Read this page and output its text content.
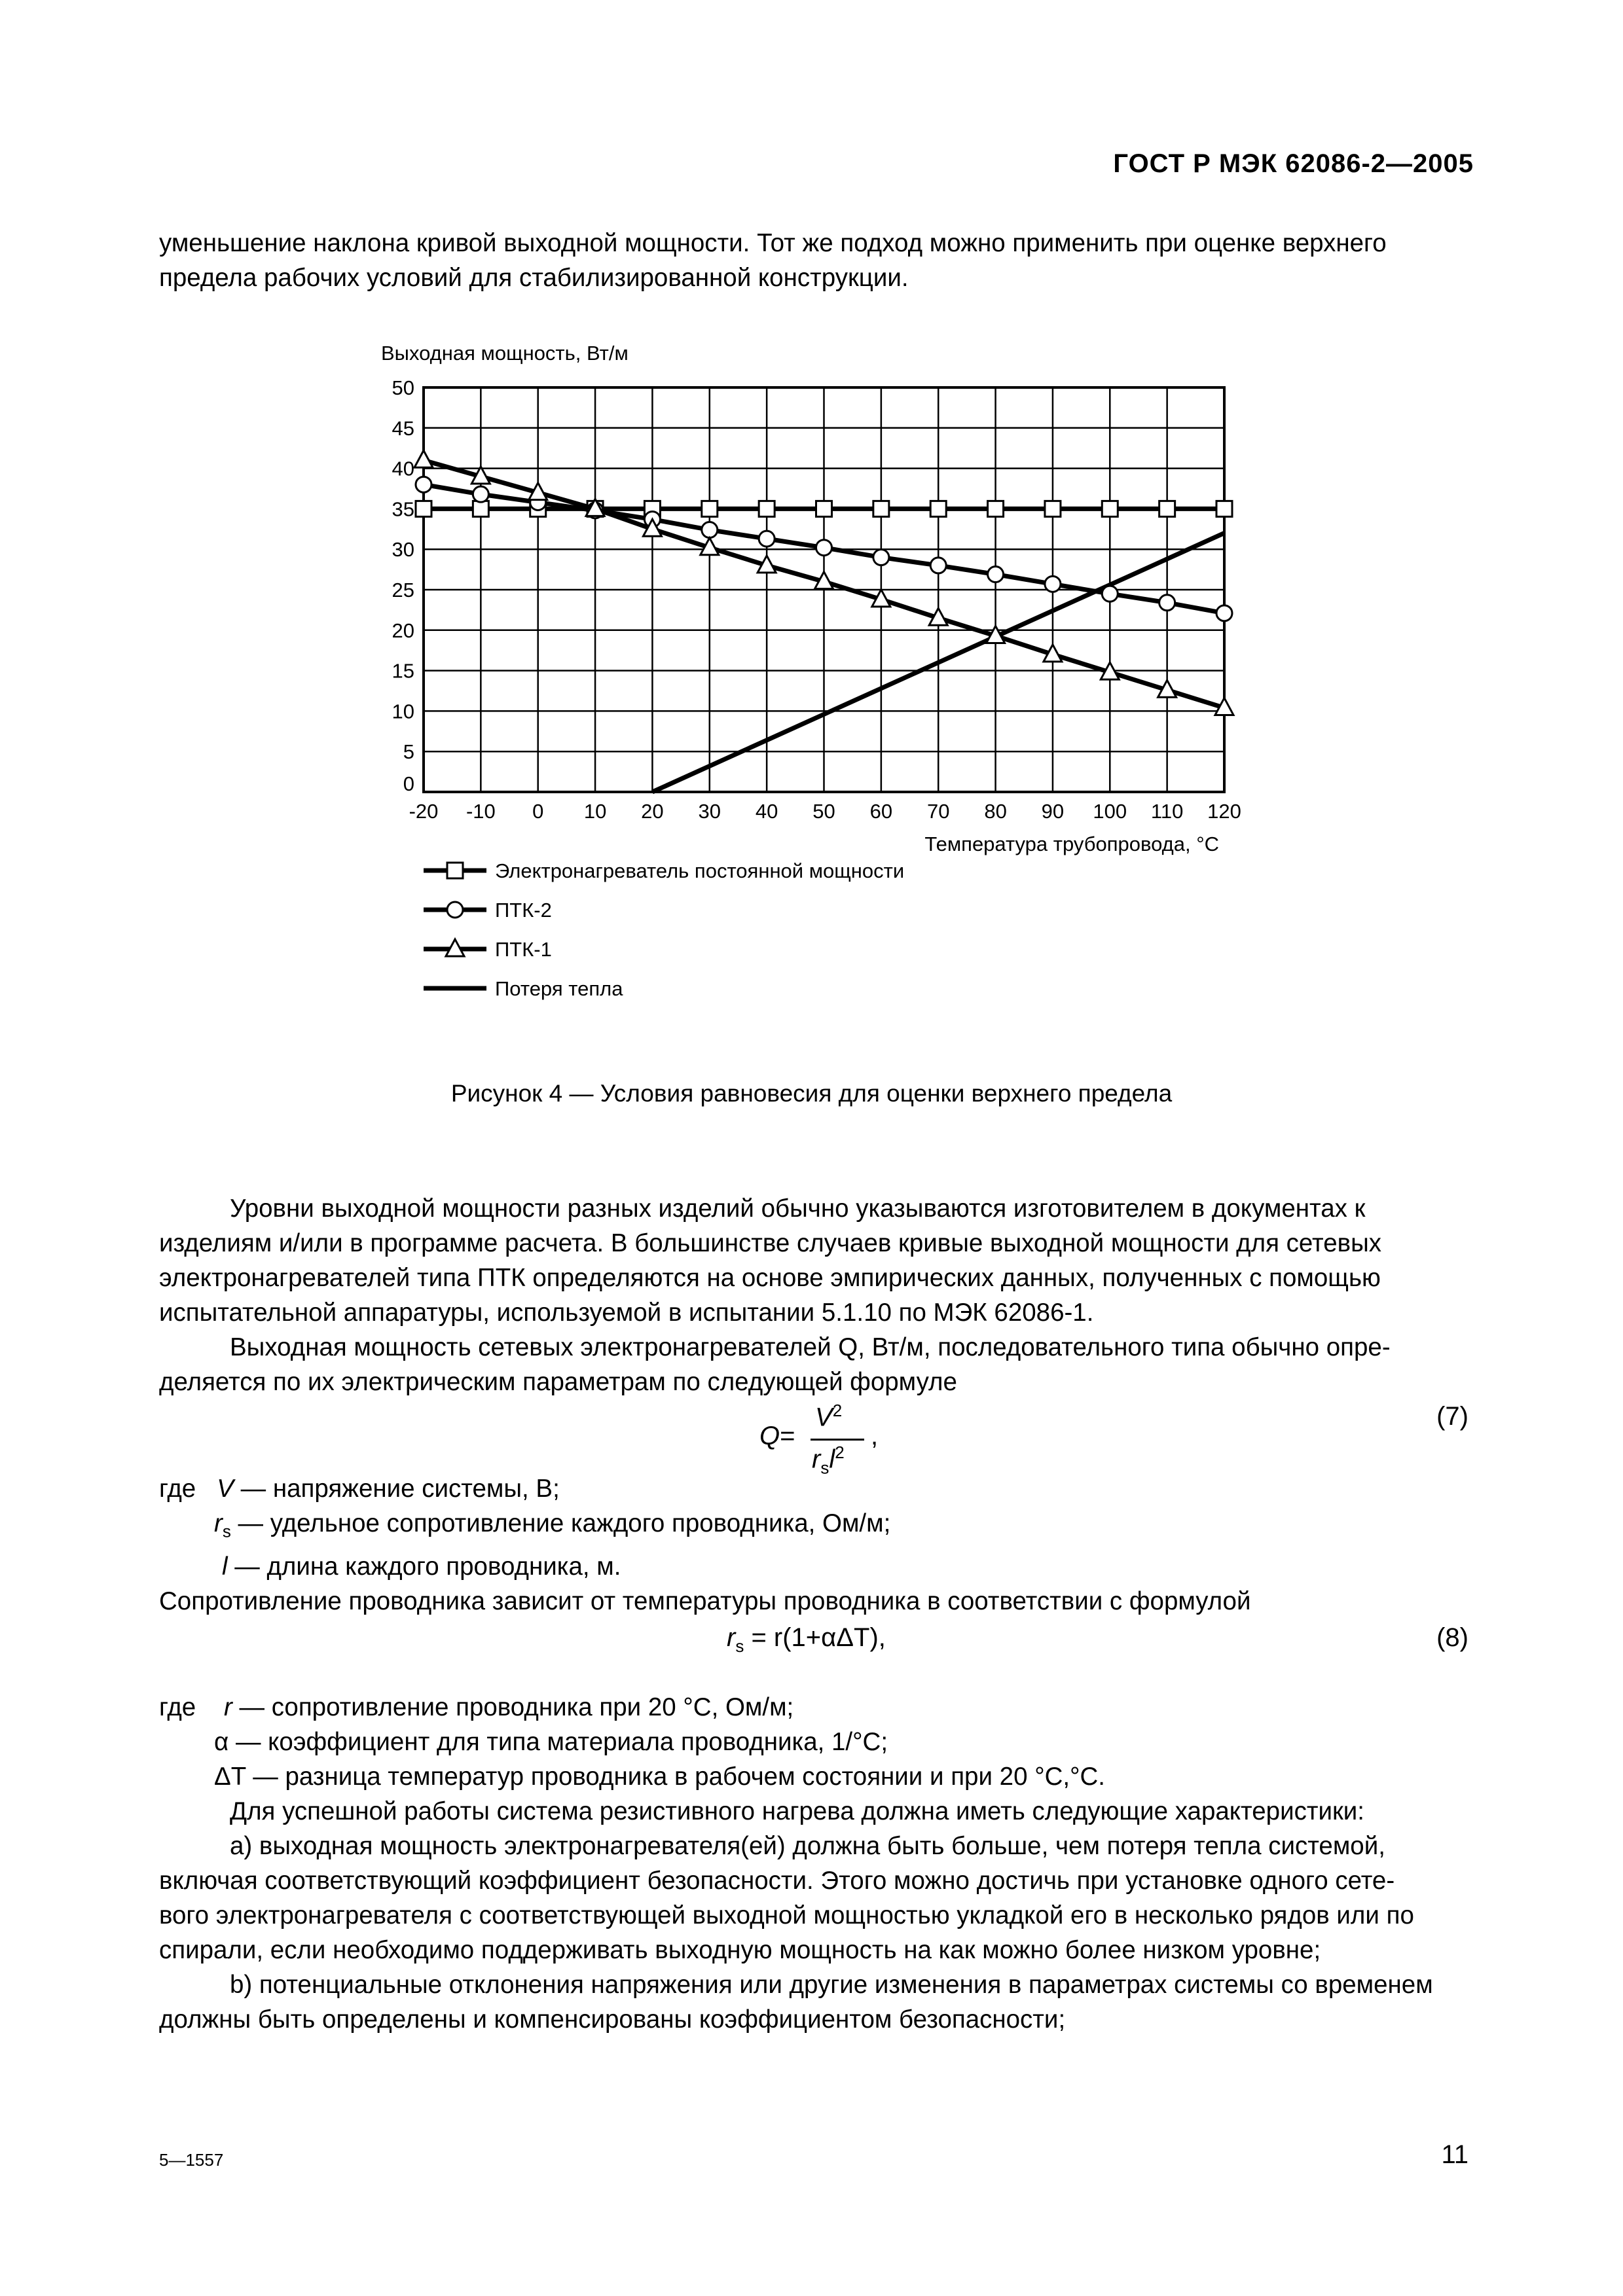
ГОСТ Р МЭК 62086-2—2005
уменьшение наклона кривой выходной мощности. Тот же подход можно применить при оценке верхнего
предела рабочих условий для стабилизированной конструкции.
Выходная мощность, Вт/м
0
5
10
15
20
25
30
35
40
45
50
-20 -10 0 10 20 30 40 50 60 70 80 90 100 110 120
Температура трубопровода, °С
Электронагреватель постоянной мощности
ПТК-2
ПТК-1
Потеря тепла
Рисунок 4 — Условия равновесия для оценки верхнего предела
Уровни выходной мощности разных изделий обычно указываются изготовителем в документах к
изделиям и/или в программе расчета. В большинстве случаев кривые выходной мощности для сетевых
электронагревателей типа ПТК определяются на основе эмпирических данных, полученных с помощью
испытательной аппаратуры, используемой в испытании 5.1.10 по МЭК 62086-1.
Выходная мощность сетевых электронагревателей Q, Вт/м, последовательного типа обычно опре-
деляется по их электрическим параметрам по следующей формуле
Q=
$V^2$
$r_sl^2$
,
(7)
где V — напряжение системы, В;
$r_s$ — удельное сопротивление каждого проводника, Ом/м;
l — длина каждого проводника, м.
Сопротивление проводника зависит от температуры проводника в соответствии с формулой
$r_s = r(1+\alpha\Delta T)$,	(8)
где r — сопротивление проводника при 20 °С, Ом/м;
α — коэффициент для типа материала проводника, 1/°С;
ΔT — разница температур проводника в рабочем состоянии и при 20 °С,°С.
Для успешной работы система резистивного нагрева должна иметь следующие характеристики:
а) выходная мощность электронагревателя(ей) должна быть больше, чем потеря тепла системой,
включая соответствующий коэффициент безопасности. Этого можно достичь при установке одного сете-
вого электронагревателя с соответствующей выходной мощностью укладкой его в несколько рядов или по
спирали, если необходимо поддерживать выходную мощность на как можно более низком уровне;
b) потенциальные отклонения напряжения или другие изменения в параметрах системы со временем
должны быть определены и компенсированы коэффициентом безопасности;
5—1557	11
